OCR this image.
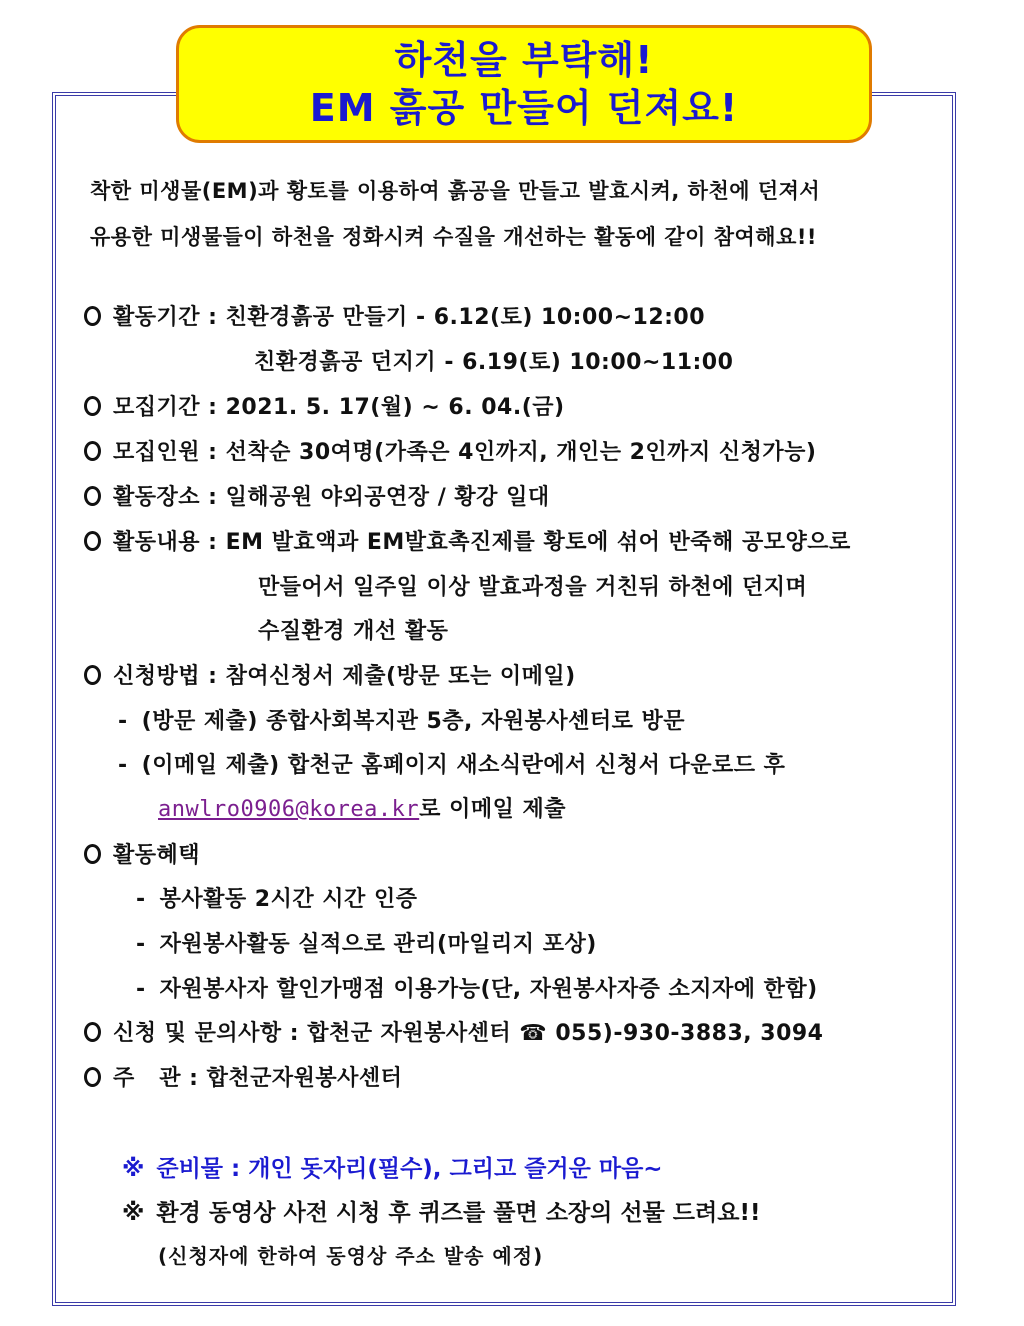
하천을 부탁해!
EM 흙공 만들어 던져요!
착한 미생물(EM)과 황토를 이용하여 흙공을 만들고 발효시켜, 하천에 던져서
유용한 미생물들이 하천을 정화시켜 수질을 개선하는 활동에 같이 참여해요!!
활동기간 : 친환경흙공 만들기 - 6.12(토) 10:00~12:00
친환경흙공 던지기 - 6.19(토) 10:00~11:00
모집기간 : 2021. 5. 17(월) ~ 6. 04.(금)
모집인원 : 선착순 30여명(가족은 4인까지, 개인는 2인까지 신청가능)
활동장소 : 일해공원 야외공연장 / 황강 일대
활동내용 : EM 발효액과 EM발효촉진제를 황토에 섞어 반죽해 공모양으로
만들어서 일주일 이상 발효과정을 거친뒤 하천에 던지며
수질환경 개선 활동
신청방법 : 참여신청서 제출(방문 또는 이메일)
- (방문 제출) 종합사회복지관 5층, 자원봉사센터로 방문
- (이메일 제출) 합천군 홈페이지 새소식란에서 신청서 다운로드 후
anwlro0906@korea.kr로 이메일 제출
활동혜택
- 봉사활동 2시간 시간 인증
- 자원봉사활동 실적으로 관리(마일리지 포상)
- 자원봉사자 할인가맹점 이용가능(단, 자원봉사자증 소지자에 한함)
신청 및 문의사항 : 합천군 자원봉사센터 ☎ 055)-930-3883, 3094
주   관 : 합천군자원봉사센터
※ 준비물 : 개인 돗자리(필수), 그리고 즐거운 마음~
※ 환경 동영상 사전 시청 후 퀴즈를 풀면 소장의 선물 드려요!!
(신청자에 한하여 동영상 주소 발송 예정)
